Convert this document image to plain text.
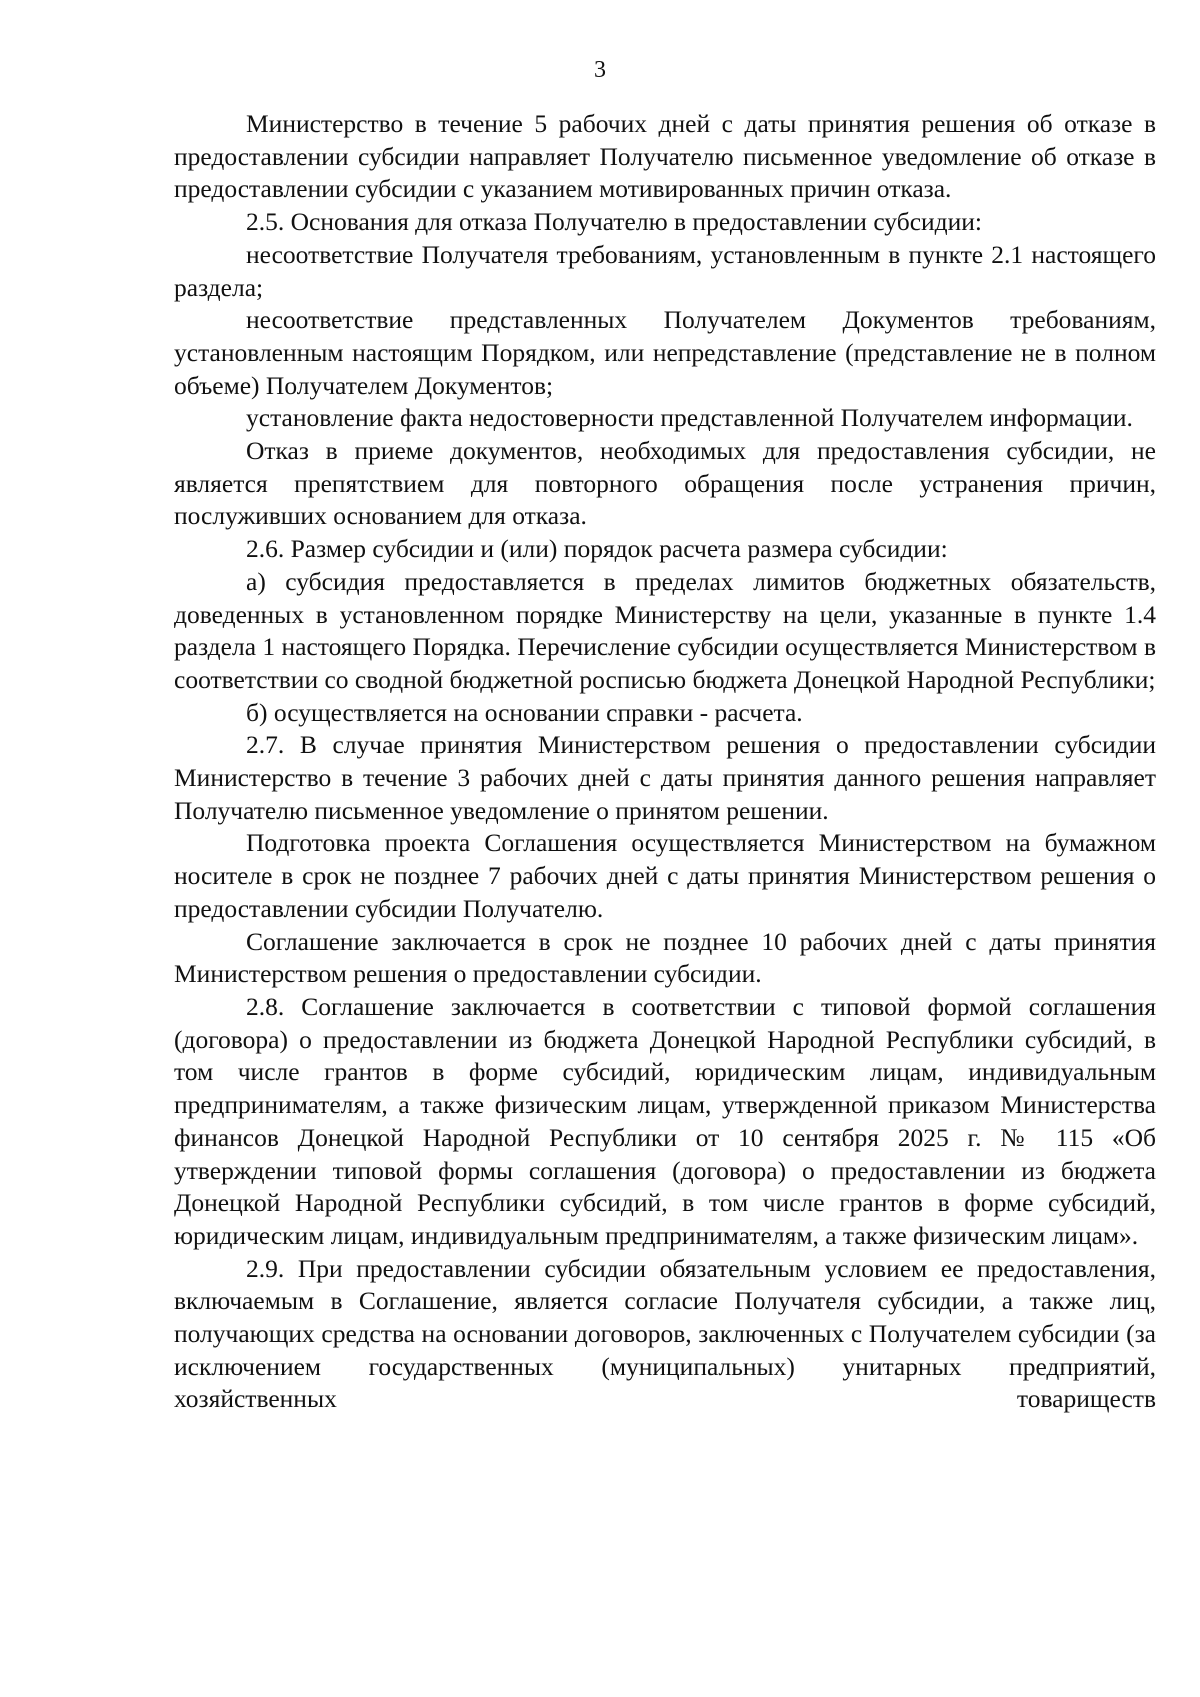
3

Министерство в течение 5 рабочих дней с даты принятия решения об отказе в предоставлении субсидии направляет Получателю письменное уведомление об отказе в предоставлении субсидии с указанием мотивированных причин отказа.

2.5. Основания для отказа Получателю в предоставлении субсидии:

несоответствие Получателя требованиям, установленным в пункте 2.1 настоящего раздела;

несоответствие представленных Получателем Документов требованиям, установленным настоящим Порядком, или непредставление (представление не в полном объеме) Получателем Документов;

установление факта недостоверности представленной Получателем информации.

Отказ в приеме документов, необходимых для предоставления субсидии, не является препятствием для повторного обращения после устранения причин, послуживших основанием для отказа.

2.6. Размер субсидии и (или) порядок расчета размера субсидии:

а) субсидия предоставляется в пределах лимитов бюджетных обязательств, доведенных в установленном порядке Министерству на цели, указанные в пункте 1.4 раздела 1 настоящего Порядка. Перечисление субсидии осуществляется Министерством в соответствии со сводной бюджетной росписью бюджета Донецкой Народной Республики;

б) осуществляется на основании справки - расчета.

2.7. В случае принятия Министерством решения о предоставлении субсидии Министерство в течение 3 рабочих дней с даты принятия данного решения направляет Получателю письменное уведомление о принятом решении.

Подготовка проекта Соглашения осуществляется Министерством на бумажном носителе в срок не позднее 7 рабочих дней с даты принятия Министерством решения о предоставлении субсидии Получателю.

Соглашение заключается в срок не позднее 10 рабочих дней с даты принятия Министерством решения о предоставлении субсидии.

2.8. Соглашение заключается в соответствии с типовой формой соглашения (договора) о предоставлении из бюджета Донецкой Народной Республики субсидий, в том числе грантов в форме субсидий, юридическим лицам, индивидуальным предпринимателям, а также физическим лицам, утвержденной приказом Министерства финансов Донецкой Народной Республики от 10 сентября 2025 г. № 115 «Об утверждении типовой формы соглашения (договора) о предоставлении из бюджета Донецкой Народной Республики субсидий, в том числе грантов в форме субсидий, юридическим лицам, индивидуальным предпринимателям, а также физическим лицам».

2.9. При предоставлении субсидии обязательным условием ее предоставления, включаемым в Соглашение, является согласие Получателя субсидии, а также лиц, получающих средства на основании договоров, заключенных с Получателем субсидии (за исключением государственных (муниципальных) унитарных предприятий, хозяйственных товариществ
